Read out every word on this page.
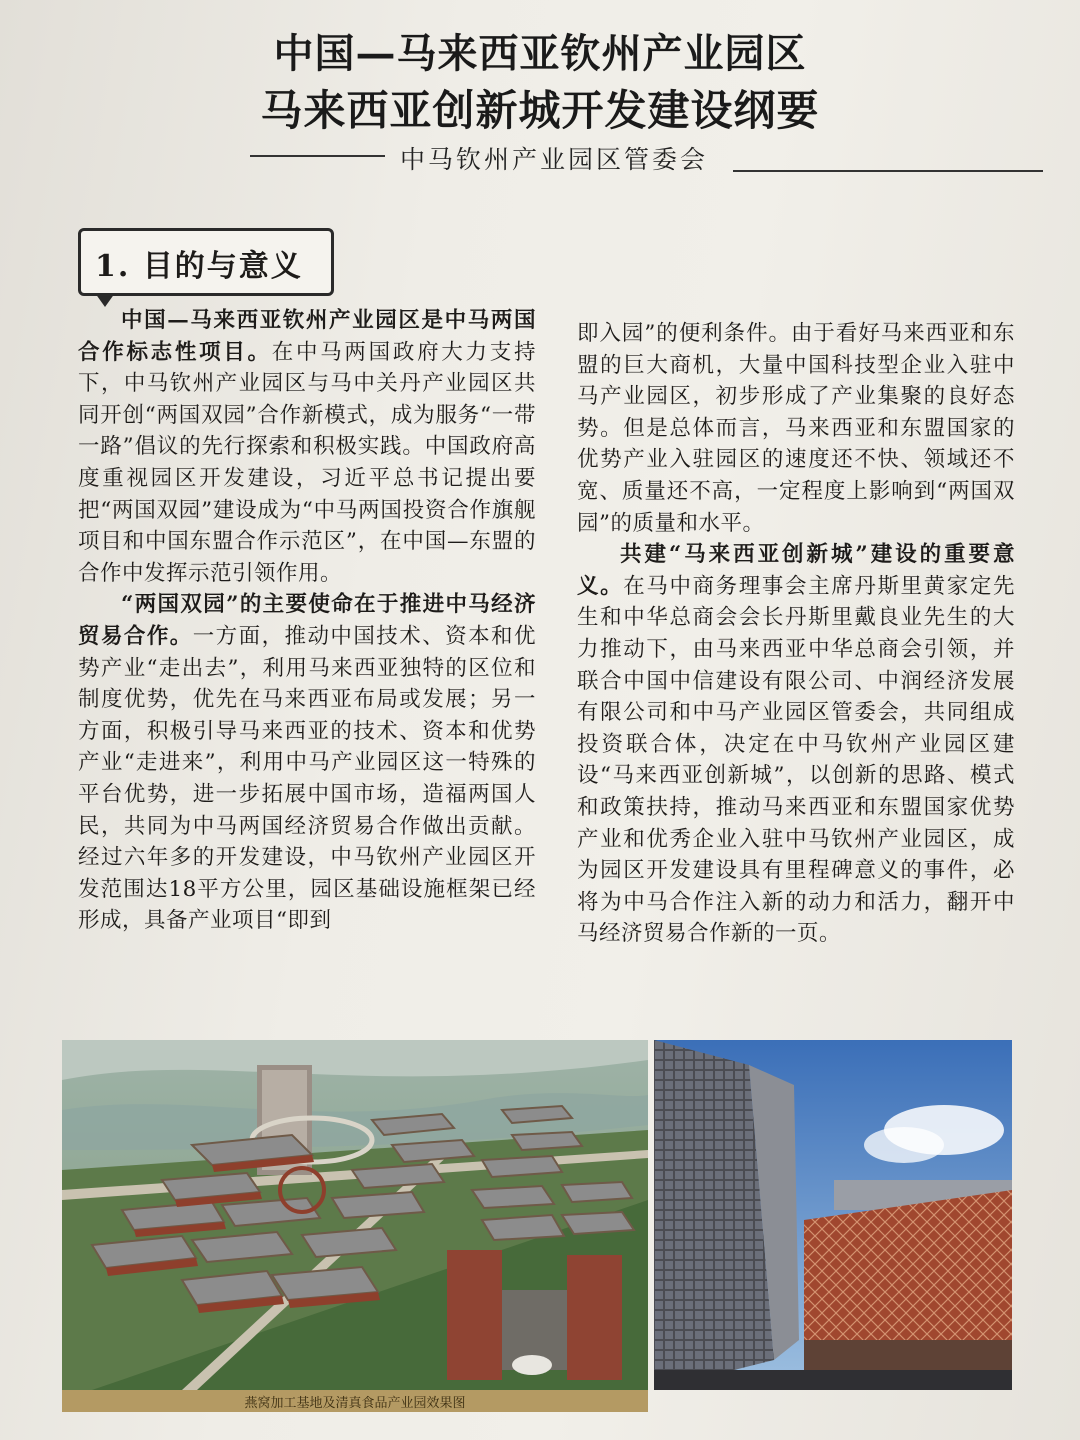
中国—马来西亚钦州产业园区
马来西亚创新城开发建设纲要
中马钦州产业园区管委会
1. 目的与意义

中国—马来西亚钦州产业园区是中马两国合作标志性项目。在中马两国政府大力支持下，中马钦州产业园区与马中关丹产业园区共同开创“两国双园”合作新模式，成为服务“一带一路”倡议的先行探索和积极实践。中国政府高度重视园区开发建设，习近平总书记提出要把“两国双园”建设成为“中马两国投资合作旗舰项目和中国东盟合作示范区”，在中国—东盟的合作中发挥示范引领作用。

“两国双园”的主要使命在于推进中马经济贸易合作。一方面，推动中国技术、资本和优势产业“走出去”，利用马来西亚独特的区位和制度优势，优先在马来西亚布局或发展；另一方面，积极引导马来西亚的技术、资本和优势产业“走进来”，利用中马产业园区这一特殊的平台优势，进一步拓展中国市场，造福两国人民，共同为中马两国经济贸易合作做出贡献。经过六年多的开发建设，中马钦州产业园区开发范围达18平方公里，园区基础设施框架已经形成，具备产业项目“即到

即入园”的便利条件。由于看好马来西亚和东盟的巨大商机，大量中国科技型企业入驻中马产业园区，初步形成了产业集聚的良好态势。但是总体而言，马来西亚和东盟国家的优势产业入驻园区的速度还不快、领域还不宽、质量还不高，一定程度上影响到“两国双园”的质量和水平。

共建“马来西亚创新城”建设的重要意义。在马中商务理事会主席丹斯里黄家定先生和中华总商会会长丹斯里戴良业先生的大力推动下，由马来西亚中华总商会引领，并联合中国中信建设有限公司、中润经济发展有限公司和中马产业园区管委会，共同组成投资联合体，决定在中马钦州产业园区建设“马来西亚创新城”，以创新的思路、模式和政策扶持，推动马来西亚和东盟国家优势产业和优秀企业入驻中马钦州产业园区，成为园区开发建设具有里程碑意义的事件，必将为中马合作注入新的动力和活力，翻开中马经济贸易合作新的一页。

燕窝加工基地及清真食品产业园效果图
